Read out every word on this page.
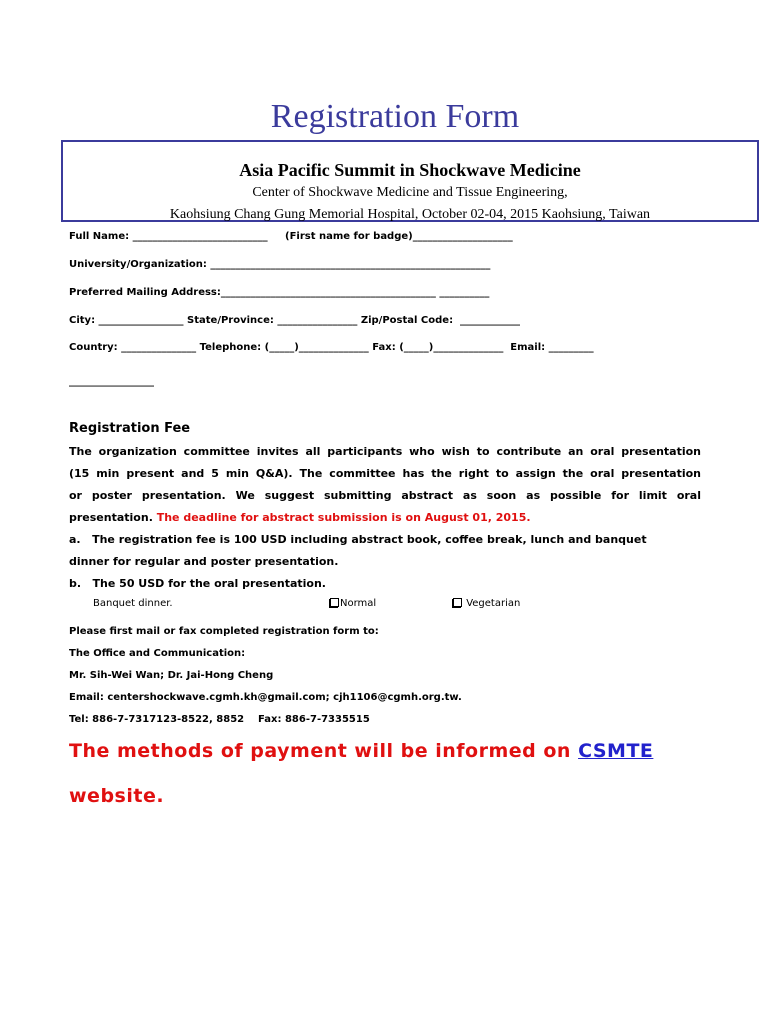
Registration Form
Asia Pacific Summit in Shockwave Medicine
Center of Shockwave Medicine and Tissue Engineering,
Kaohsiung Chang Gung Memorial Hospital, October 02-04, 2015 Kaohsiung, Taiwan
Full Name: ___________________________     (First name for badge)____________________
University/Organization: ________________________________________________________
Preferred Mailing Address:___________________________________________ __________
City: _________________ State/Province: ________________ Zip/Postal Code:  ____________
Country: _______________ Telephone: (_____)______________ Fax: (_____)______________  Email: _________
_________________
Registration Fee
The organization committee invites all participants who wish to contribute an oral presentation
(15 min present and 5 min Q&A). The committee has the right to assign the oral presentation
or poster presentation. We suggest submitting abstract as soon as possible for limit oral
presentation. The deadline for abstract submission is on August 01, 2015.
a.   The registration fee is 100 USD including abstract book, coffee break, lunch and banquet
dinner for regular and poster presentation.
b.   The 50 USD for the oral presentation.
Banquet dinner.	Normal	Vegetarian
Please first mail or fax completed registration form to:
The Office and Communication:
Mr. Sih-Wei Wan; Dr. Jai-Hong Cheng
Email: centershockwave.cgmh.kh@gmail.com; cjh1106@cgmh.org.tw.
Tel: 886-7-7317123-8522, 8852    Fax: 886-7-7335515
The methods of payment will be informed on CSMTE
website.
